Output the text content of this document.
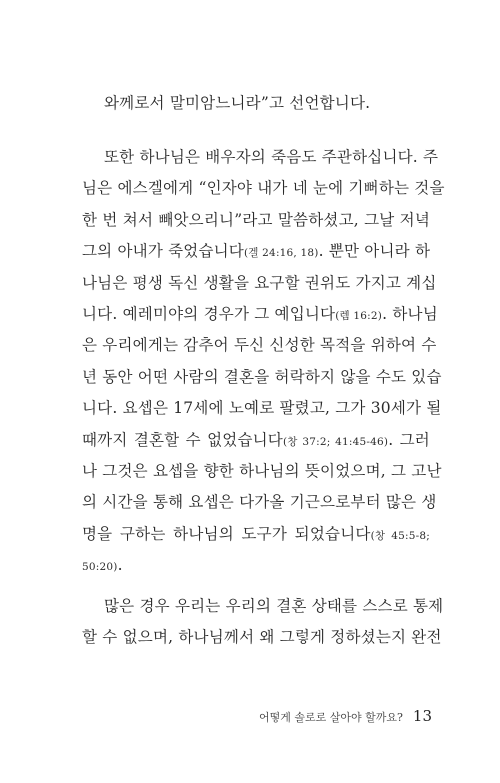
와께로서 말미암느니라”고 선언합니다.
또한 하나님은 배우자의 죽음도 주관하십니다. 주
님은 에스겔에게 “인자야 내가 네 눈에 기뻐하는 것을
한 번 쳐서 빼앗으리니”라고 말씀하셨고, 그날 저녁
그의 아내가 죽었습니다(겔 24:16, 18). 뿐만 아니라 하
나님은 평생 독신 생활을 요구할 권위도 가지고 계십
니다. 예레미야의 경우가 그 예입니다(렘 16:2). 하나님
은 우리에게는 감추어 두신 신성한 목적을 위하여 수
년 동안 어떤 사람의 결혼을 허락하지 않을 수도 있습
니다. 요셉은 17세에 노예로 팔렸고, 그가 30세가 될
때까지 결혼할 수 없었습니다(창 37:2; 41:45-46). 그러
나 그것은 요셉을 향한 하나님의 뜻이었으며, 그 고난
의 시간을 통해 요셉은 다가올 기근으로부터 많은 생
명을 구하는 하나님의 도구가 되었습니다(창 45:5-8;
50:20).
많은 경우 우리는 우리의 결혼 상태를 스스로 통제
할 수 없으며, 하나님께서 왜 그렇게 정하셨는지 완전
어떻게 솔로로 살아야 할까요? 13
